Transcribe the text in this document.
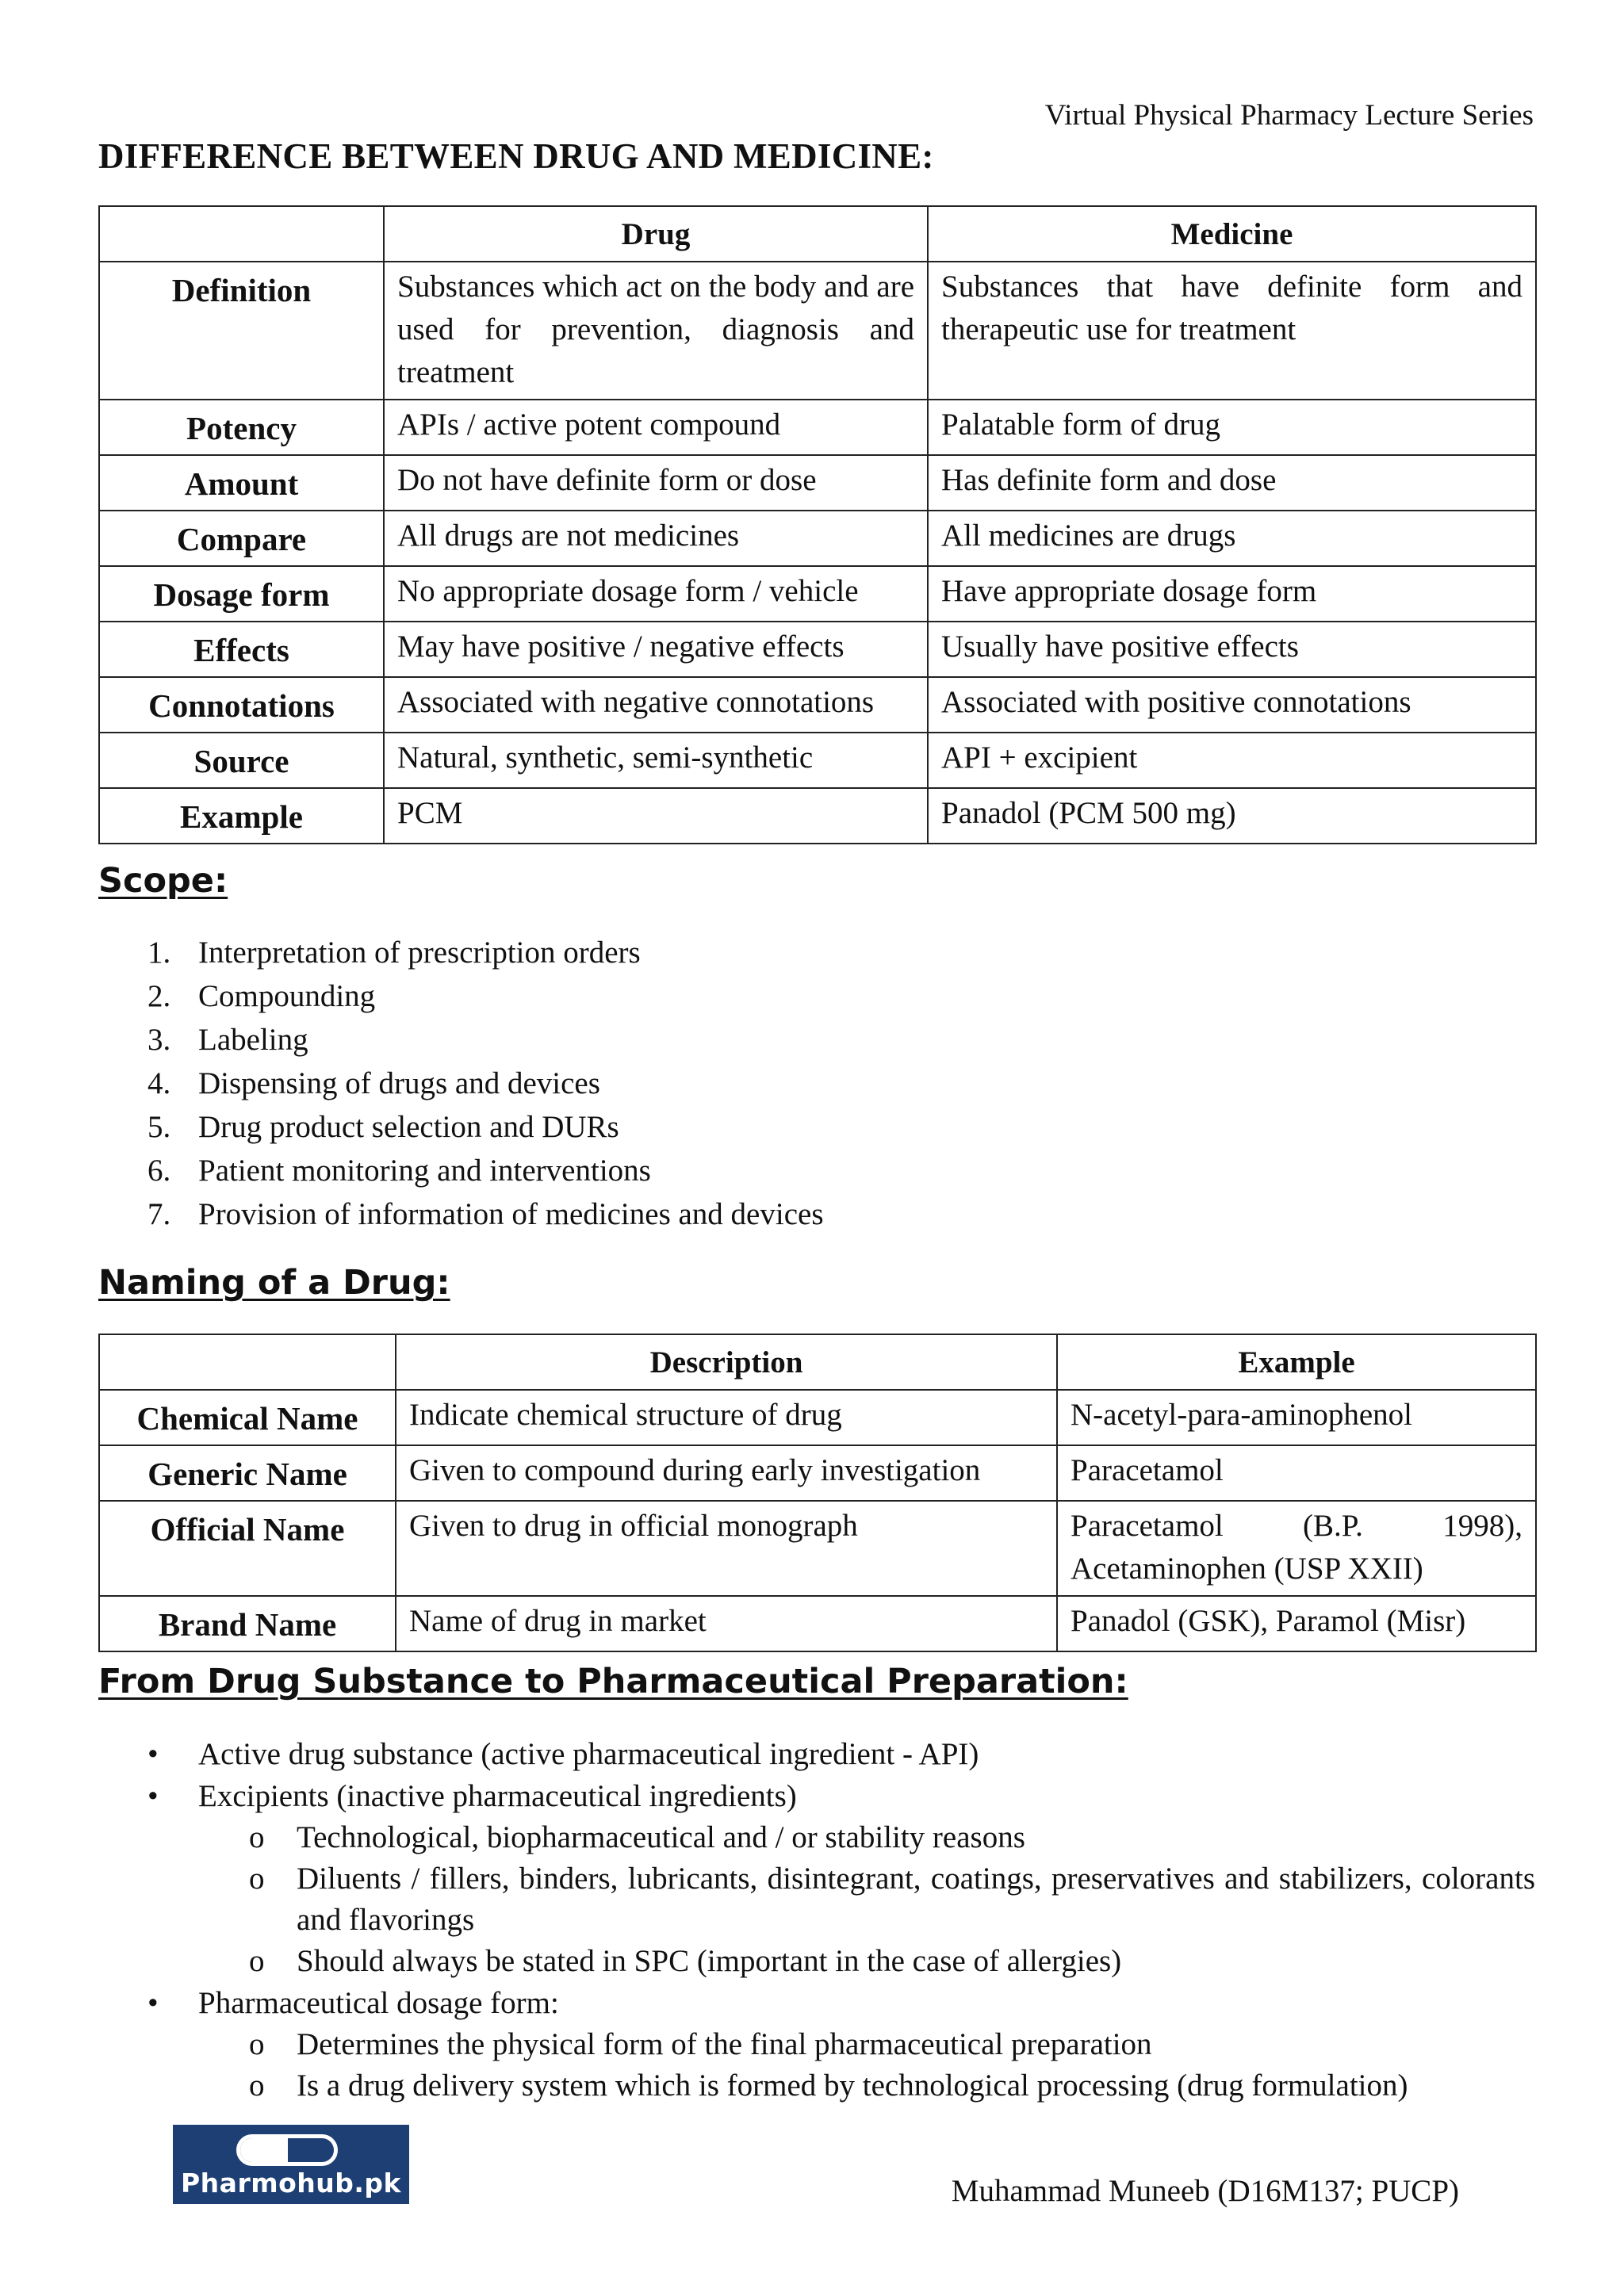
Virtual Physical Pharmacy Lecture Series
DIFFERENCE BETWEEN DRUG AND MEDICINE:
	Drug	Medicine
Definition	Substances which act on the body and are used for prevention, diagnosis and treatment	Substances that have definite form and therapeutic use for treatment
Potency	APIs / active potent compound	Palatable form of drug
Amount	Do not have definite form or dose	Has definite form and dose
Compare	All drugs are not medicines	All medicines are drugs
Dosage form	No appropriate dosage form / vehicle	Have appropriate dosage form
Effects	May have positive / negative effects	Usually have positive effects
Connotations	Associated with negative connotations	Associated with positive connotations
Source	Natural, synthetic, semi-synthetic	API + excipient
Example	PCM	Panadol (PCM 500 mg)
Scope:
1. Interpretation of prescription orders
2. Compounding
3. Labeling
4. Dispensing of drugs and devices
5. Drug product selection and DURs
6. Patient monitoring and interventions
7. Provision of information of medicines and devices
Naming of a Drug:
	Description	Example
Chemical Name	Indicate chemical structure of drug	N-acetyl-para-aminophenol
Generic Name	Given to compound during early investigation	Paracetamol
Official Name	Given to drug in official monograph	Paracetamol (B.P. 1998), Acetaminophen (USP XXII)
Brand Name	Name of drug in market	Panadol (GSK), Paramol (Misr)
From Drug Substance to Pharmaceutical Preparation:
• Active drug substance (active pharmaceutical ingredient - API)
• Excipients (inactive pharmaceutical ingredients)
o Technological, biopharmaceutical and / or stability reasons
o Diluents / fillers, binders, lubricants, disintegrant, coatings, preservatives and stabilizers, colorants and flavorings
o Should always be stated in SPC (important in the case of allergies)
• Pharmaceutical dosage form:
o Determines the physical form of the final pharmaceutical preparation
o Is a drug delivery system which is formed by technological processing (drug formulation)
Pharmohub.pk	Muhammad Muneeb (D16M137; PUCP)
